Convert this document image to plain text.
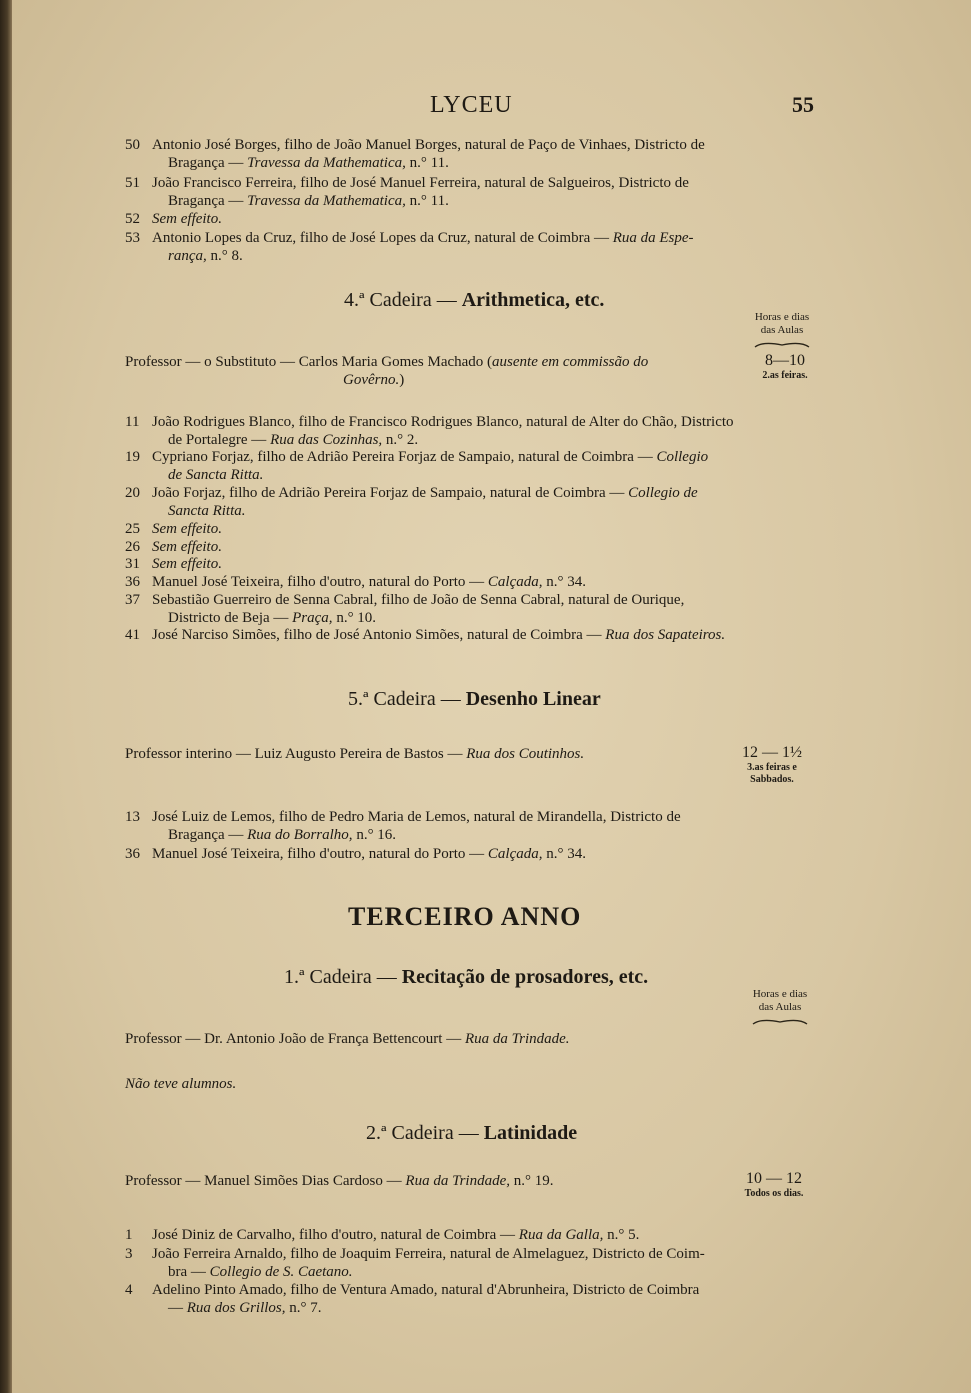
LYCEU	55
50 Antonio José Borges, filho de João Manuel Borges, natural de Paço de Vinhaes, Districto de
Bragança — Travessa da Mathematica, n.° 11.
51 João Francisco Ferreira, filho de José Manuel Ferreira, natural de Salgueiros, Districto de
Bragança — Travessa da Mathematica, n.° 11.
52 Sem effeito.
53 Antonio Lopes da Cruz, filho de José Lopes da Cruz, natural de Coimbra — Rua da Espe-
rança, n.° 8.
4.ª Cadeira — Arithmetica, etc.
Horas e dias
das Aulas
Professor — o Substituto — Carlos Maria Gomes Machado (ausente em commissão do
Govêrno.)
8—10
2.as feiras.
11 João Rodrigues Blanco, filho de Francisco Rodrigues Blanco, natural de Alter do Chão, Districto
de Portalegre — Rua das Cozinhas, n.° 2.
19 Cypriano Forjaz, filho de Adrião Pereira Forjaz de Sampaio, natural de Coimbra — Collegio
de Sancta Ritta.
20 João Forjaz, filho de Adrião Pereira Forjaz de Sampaio, natural de Coimbra — Collegio de
Sancta Ritta.
25 Sem effeito.
26 Sem effeito.
31 Sem effeito.
36 Manuel José Teixeira, filho d'outro, natural do Porto — Calçada, n.° 34.
37 Sebastião Guerreiro de Senna Cabral, filho de João de Senna Cabral, natural de Ourique,
Districto de Beja — Praça, n.° 10.
41 José Narciso Simões, filho de José Antonio Simões, natural de Coimbra — Rua dos Sapateiros.
5.ª Cadeira — Desenho Linear
Professor interino — Luiz Augusto Pereira de Bastos — Rua dos Coutinhos.	12 — 1½
3.as feiras e
Sabbados.
13 José Luiz de Lemos, filho de Pedro Maria de Lemos, natural de Mirandella, Districto de
Bragança — Rua do Borralho, n.° 16.
36 Manuel José Teixeira, filho d'outro, natural do Porto — Calçada, n.° 34.
TERCEIRO ANNO
1.ª Cadeira — Recitação de prosadores, etc.
Horas e dias
das Aulas
Professor — Dr. Antonio João de França Bettencourt — Rua da Trindade.
Não teve alumnos.
2.ª Cadeira — Latinidade
Professor — Manuel Simões Dias Cardoso — Rua da Trindade, n.° 19.	10 — 12
Todos os dias.
1	José Diniz de Carvalho, filho d'outro, natural de Coimbra — Rua da Galla, n.° 5.
3	João Ferreira Arnaldo, filho de Joaquim Ferreira, natural de Almelaguez, Districto de Coim-
bra — Collegio de S. Caetano.
4	Adelino Pinto Amado, filho de Ventura Amado, natural d'Abrunheira, Districto de Coimbra
— Rua dos Grillos, n.° 7.
